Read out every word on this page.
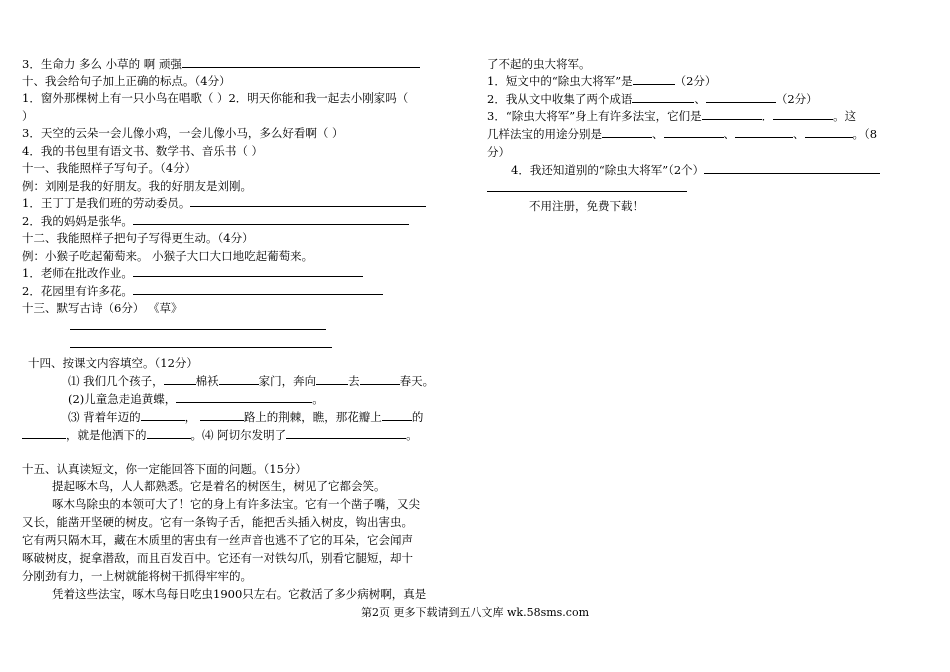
3．生命力 多么 小草的 啊 顽强
十、我会给句子加上正确的标点。（4分）
1．窗外那棵树上有一只小鸟在唱歌（ ）2．明天你能和我一起去小刚家吗（
）
3．天空的云朵一会儿像小鸡，一会儿像小马，多么好看啊（ ）
4．我的书包里有语文书、数学书、音乐书（ ）
十一、我能照样子写句子。（4分）
例：刘刚是我的好朋友。我的好朋友是刘刚。
1．王丁丁是我们班的劳动委员。
2．我的妈妈是张华。
十二、我能照样子把句子写得更生动。（4分）
例：小猴子吃起葡萄来。 小猴子大口大口地吃起葡萄来。
1．老师在批改作业。
2．花园里有许多花。
十三、默写古诗（6分） 《草》
十四、按课文内容填空。（12分）
⑴ 我们几个孩子，	棉袄	家门，奔向	去	春天。
(2)儿童急走追黄蝶，	。
⑶ 背着年迈的	，	路上的荆棘，瞧，那花瓣上	的
，就是他洒下的	。⑷ 阿切尔发明了	。
十五、认真读短文，你一定能回答下面的问题。（15分）
提起啄木鸟，人人都熟悉。它是着名的树医生，树见了它都会笑。
啄木鸟除虫的本领可大了！它的身上有许多法宝。它有一个凿子嘴，又尖
又长，能凿开坚硬的树皮。它有一条钩子舌，能把舌头插入树皮，钩出害虫。
它有两只隔木耳，藏在木质里的害虫有一丝声音也逃不了它的耳朵，它会闻声
啄破树皮，捉拿潜敌，而且百发百中。它还有一对铁勾爪，别看它腿短，却十
分刚劲有力，一上树就能将树干抓得牢牢的。
凭着这些法宝，啄木鸟每日吃虫1900只左右。它救活了多少病树啊，真是
了不起的虫大将军。
1．短文中的“除虫大将军”是	（2分）
2．我从文中收集了两个成语	、	（2分）
3．“除虫大将军”身上有许多法宝，它们是	．	。这
几样法宝的用途分别是	、	、	、	。（8
分）
4．我还知道别的“除虫大将军”（2个）
不用注册，免费下载！
第2页 更多下载请到五八文库 wk.58sms.com
